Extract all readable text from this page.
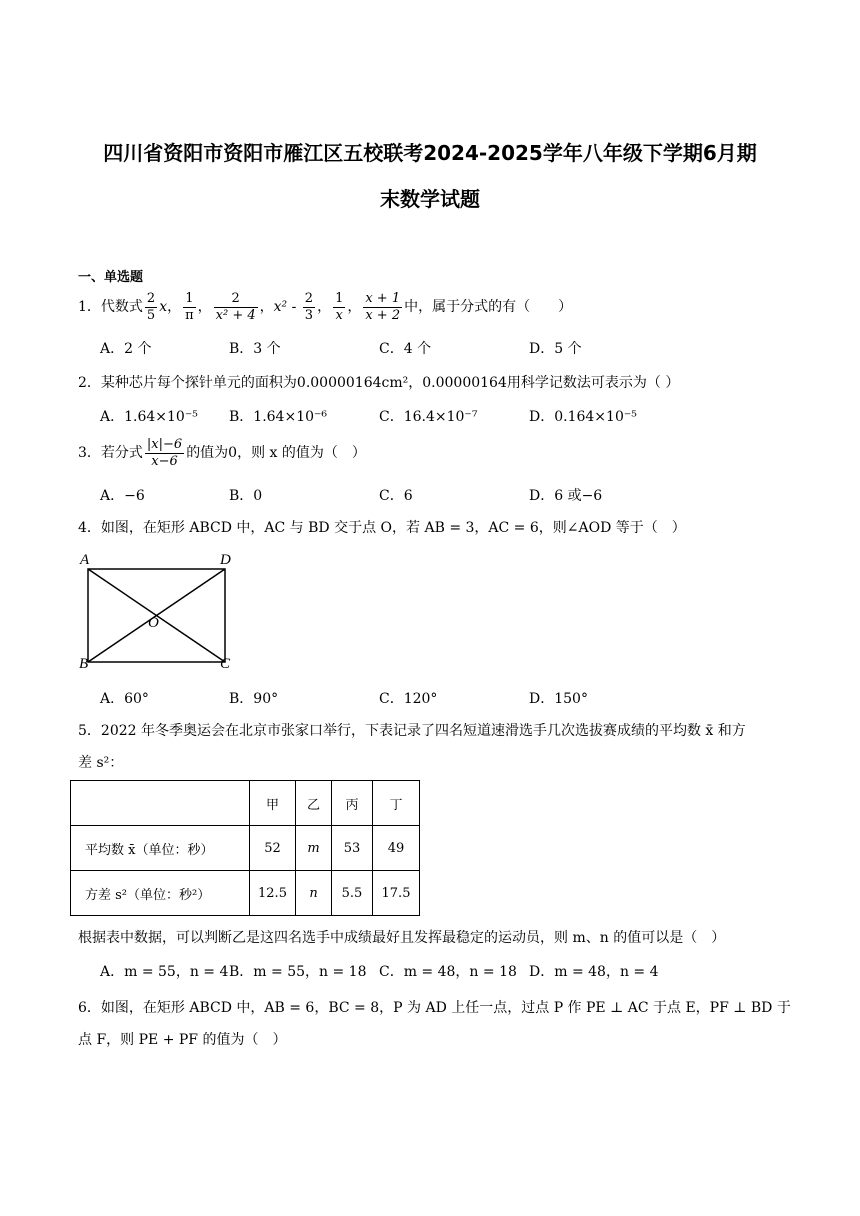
四川省资阳市资阳市雁江区五校联考2024-2025学年八年级下学期6月期
末数学试题
一、单选题
1．代数式 $\frac{2}{5}$ x， $\frac{1}{\pi}$ ， $\frac{2}{\text{x² + 4}}$ ，$x^2 - \frac{2}{3}$ ， $\frac{1}{x}$ ， $\frac{x + 1}{x + 2}$ 中，属于分式的有（　　）
A．2 个	B．3 个	C．4 个	D．5 个
2．某种芯片每个探针单元的面积为0.00000164cm²，0.00000164用科学记数法可表示为（ ）
A．1.64×10⁻⁵ B．1.64×10⁻⁶	C．16.4×10⁻⁷	D．0.164×10⁻⁵
3．若分式 $\frac{|x|-6}{x-6}$ 的值为0，则 x 的值为（　）
A．−6	B．0	C．6	D．6 或−6
4．如图，在矩形 ABCD 中，AC 与 BD 交于点 O，若 AB = 3，AC = 6，则∠AOD 等于（　）
A	D
B	C
O
A．60°	B．90°	C．120°	D．150°
5．2022 年冬季奥运会在北京市张家口举行，下表记录了四名短道速滑选手几次选拔赛成绩的平均数 x̄ 和方
差 s²：
	甲	乙	丙	丁
平均数 x̄（单位：秒）	52	m	53	49
方差 s²（单位：秒²）	12.5	n	5.5	17.5
根据表中数据，可以判断乙是这四名选手中成绩最好且发挥最稳定的运动员，则 m、n 的值可以是（　）
A．m = 55，n = 4 B．m = 55，n = 18 C．m = 48，n = 18 D．m = 48，n = 4
6．如图，在矩形 ABCD 中，AB = 6，BC = 8，P 为 AD 上任一点，过点 P 作 PE ⊥ AC 于点 E，PF ⊥ BD 于
点 F，则 PE + PF 的值为（　）
